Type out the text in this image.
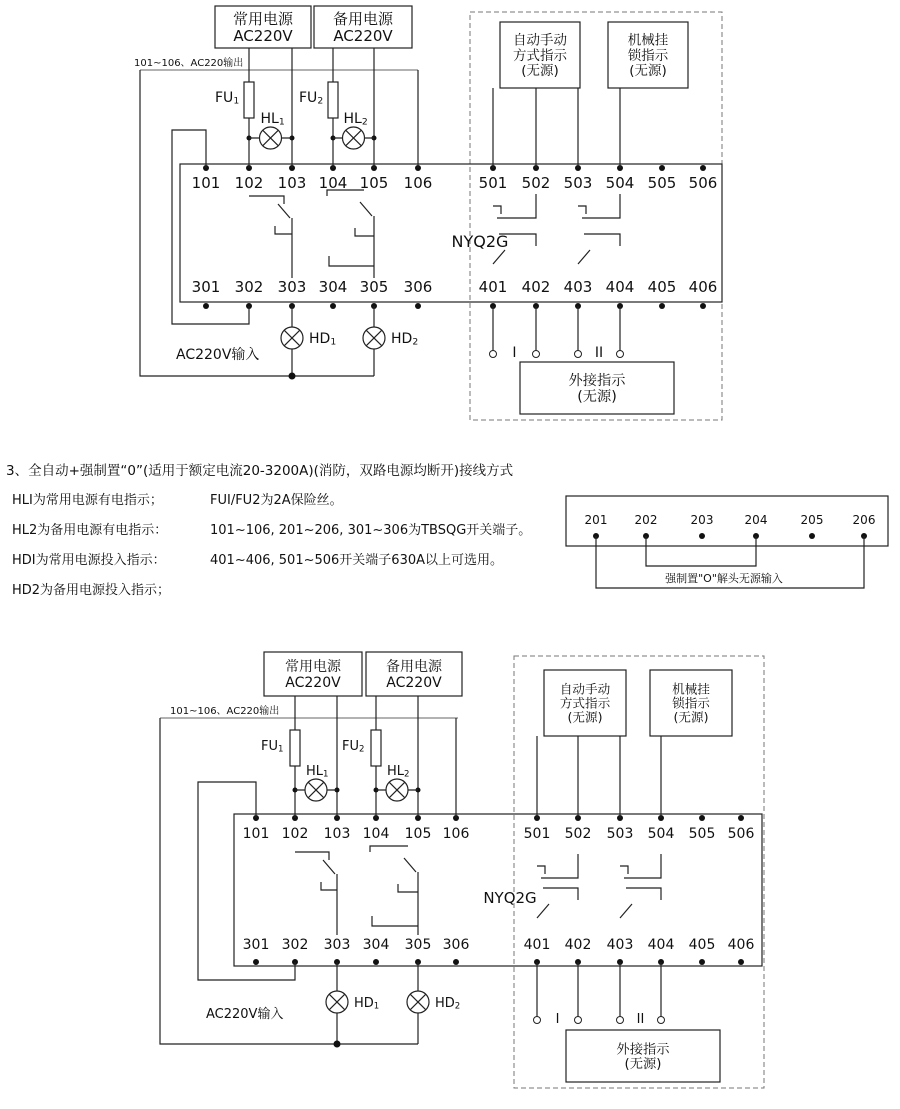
常用电源
AC220V
备用电源
AC220V	自动手动
方式指示
(无源)
机械挂
锁指示
(无源)
NYQ2G
101 102 103 104 105 106	501 502 503 504 505 506
301 302 303 304 305 306	401 402 403 404 405 406
101~106、AC220输出
FU1	FU2
HL1	HL2
I	II
外接指示
(无源)
HD1	HD2
AC220V输入
常用电源
AC220V
备用电源
AC220V	自动手动
方式指示
(无源)
机械挂
锁指示
(无源)
NYQ2G
101 102 103 104 105 106	501 502 503 504 505 506
301 302 303 304 305 306	401 402 403 404 405 406
101~106、AC220输出
FU1	FU2
HL1	HL2
I	II
外接指示
(无源)
HD1	HD2
AC220V输入
3、全自动+强制置“0”(适用于额定电流20-3200A)(消防，双路电源均断开)接线方式
HLI为常用电源有电指示；
HL2为备用电源有电指示：
HDI为常用电源投入指示：
HD2为备用电源投入指示；
FUI/FU2为2A保险丝。
101~106, 201~206, 301~306为TBSQG开关端子。
401~406, 501~506开关端子630A以上可选用。
201 202	203	204	205 206
强制置"O"解头无源输入
